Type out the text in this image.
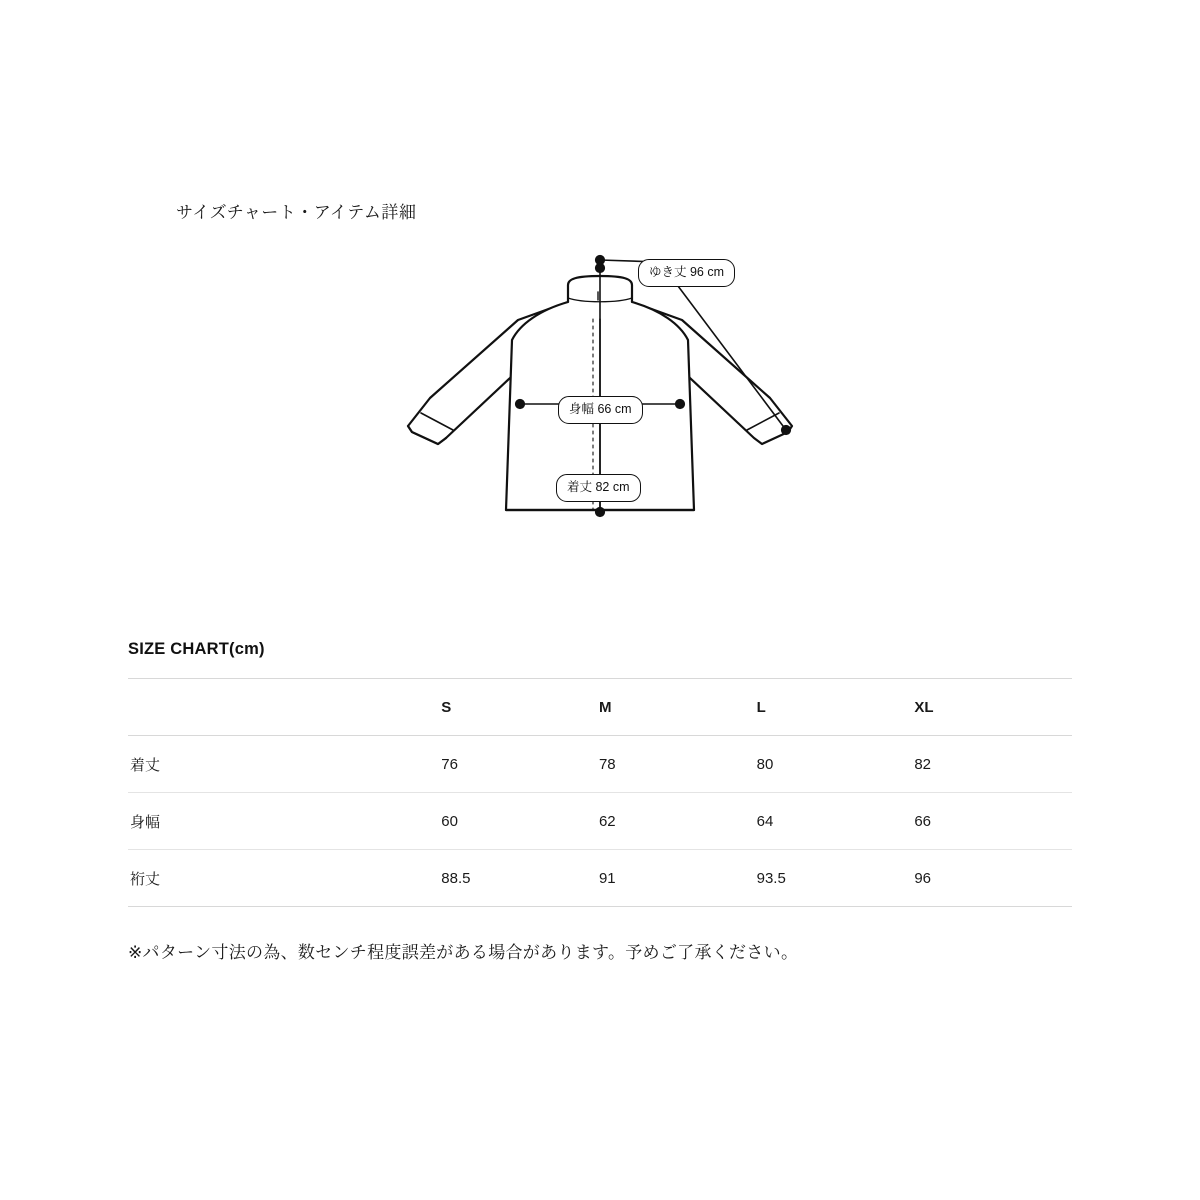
サイズチャート・アイテム詳細
ゆき丈 96 cm
身幅 66 cm
着丈 82 cm
SIZE CHART(cm)
	S	M	L	XL
着丈	76	78	80	82
身幅	60	62	64	66
裄丈	88.5	91	93.5	96
※パターン寸法の為、数センチ程度誤差がある場合があります。予めご了承ください。
